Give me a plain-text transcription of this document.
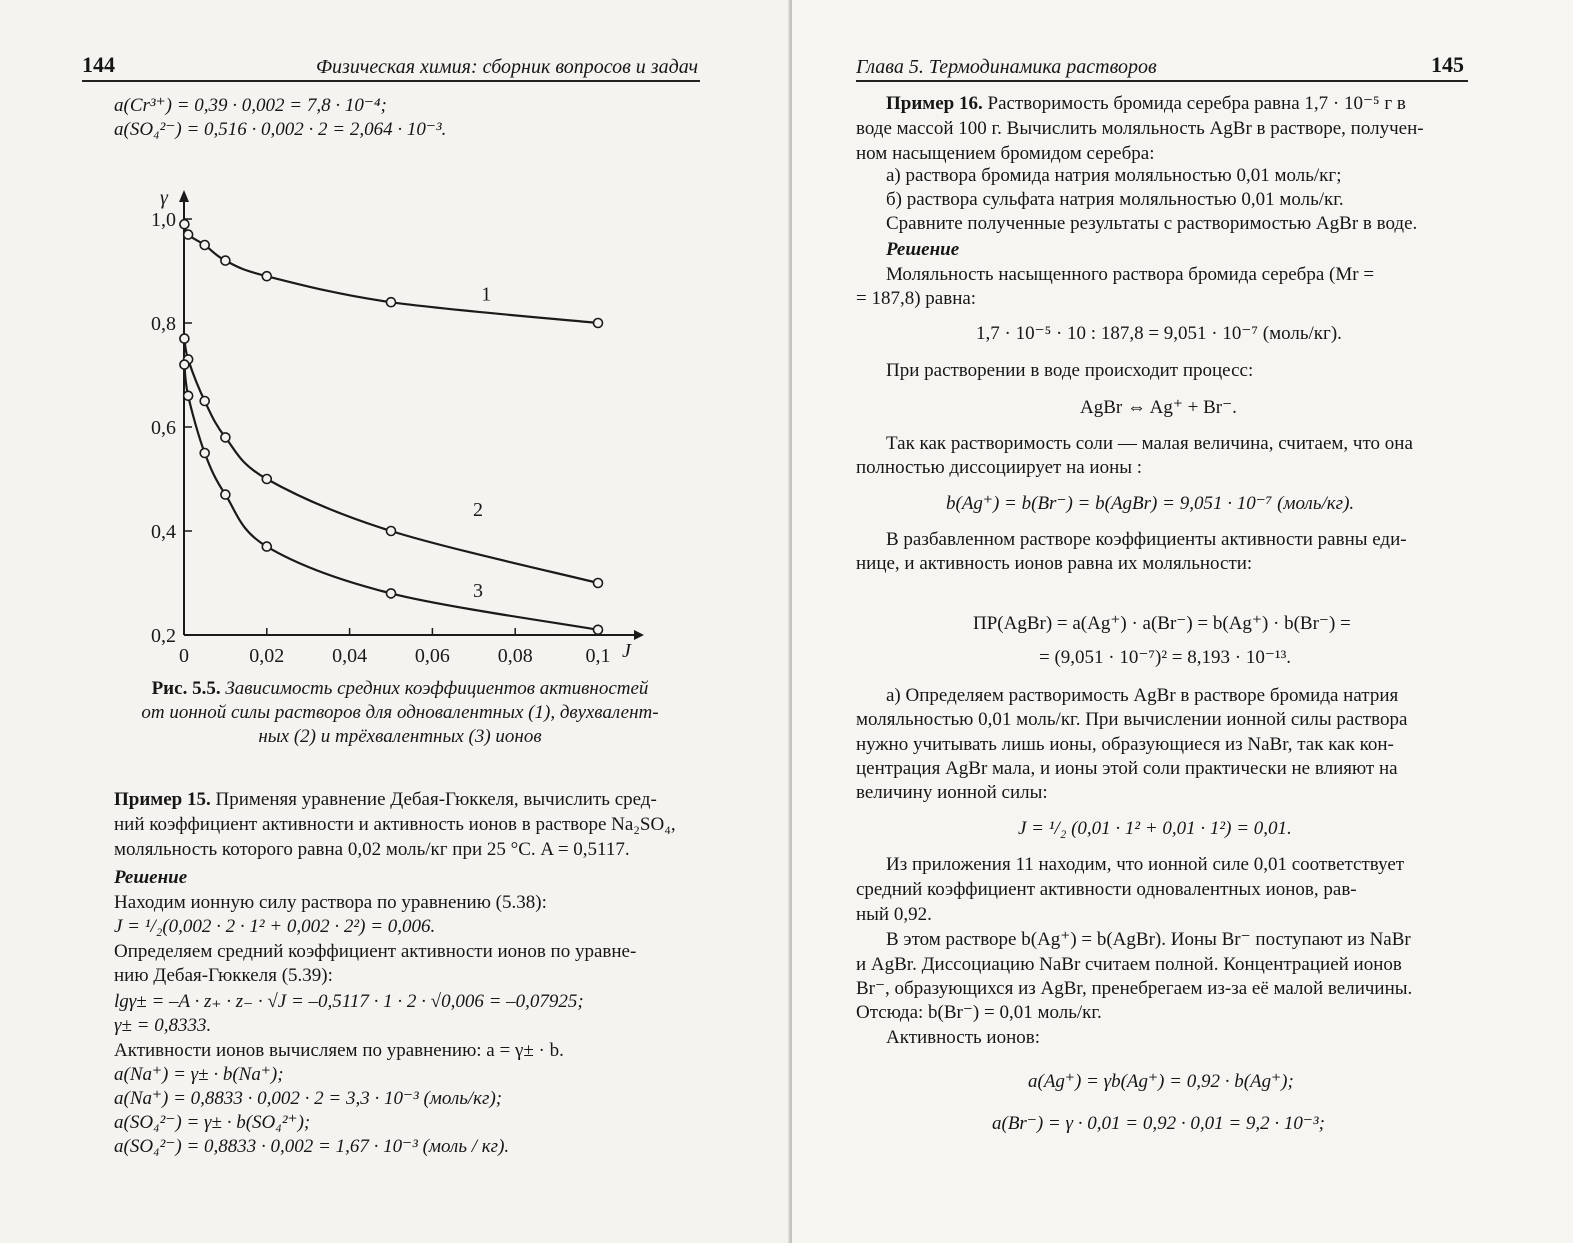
144	Физическая химия: сборник вопросов и задач
a(Cr³⁺) = 0,39 · 0,002 = 7,8 · 10⁻⁴;
a(SO₄²⁻) = 0,516 · 0,002 · 2 = 2,064 · 10⁻³.
J
γ
1,0
0,8
0,6
0,4
0,2
0	0,02 0,04 0,06 0,08	0,1
1
2
3
Рис. 5.5. Зависимость средних коэффициентов активностей
от ионной силы растворов для одновалентных (1), двухвалент-
ных (2) и трёхвалентных (3) ионов
Пример 15. Применяя уравнение Дебая-Гюккеля, вычислить сред-
ний коэффициент активности и активность ионов в растворе Na₂SO₄,
моляльность которого равна 0,02 моль/кг при 25 °С. A = 0,5117.
Решение
Находим ионную силу раствора по уравнению (5.38):
J = ¹/₂(0,002 · 2 · 1² + 0,002 · 2²) = 0,006.
Определяем средний коэффициент активности ионов по уравне-
нию Дебая-Гюккеля (5.39):
lgγ± = –A · z₊ · z₋ · √J = –0,5117 · 1 · 2 · √0,006 = –0,07925;
γ± = 0,8333.
Активности ионов вычисляем по уравнению: a = γ± · b.
a(Na⁺) = γ± · b(Na⁺);
a(Na⁺) = 0,8833 · 0,002 · 2 = 3,3 · 10⁻³ (моль/кг);
a(SO₄²⁻) = γ± · b(SO₄²⁺);
a(SO₄²⁻) = 0,8833 · 0,002 = 1,67 · 10⁻³ (моль / кг).
Глава 5. Термодинамика растворов	145
Пример 16. Растворимость бромида серебра равна 1,7 · 10⁻⁵ г в
воде массой 100 г. Вычислить моляльность AgBr в растворе, получен-
ном насыщением бромидом серебра:
а) раствора бромида натрия моляльностью 0,01 моль/кг;
б) раствора сульфата натрия моляльностью 0,01 моль/кг.
Сравните полученные результаты с растворимостью AgBr в воде.
Решение
Моляльность насыщенного раствора бромида серебра (Mr =
= 187,8) равна:
1,7 · 10⁻⁵ · 10 : 187,8 = 9,051 · 10⁻⁷ (моль/кг).
При растворении в воде происходит процесс:
AgBr ⇔ Ag⁺ + Br⁻.
Так как растворимость соли — малая величина, считаем, что она
полностью диссоциирует на ионы :
b(Ag⁺) = b(Br⁻) = b(AgBr) = 9,051 · 10⁻⁷ (моль/кг).
В разбавленном растворе коэффициенты активности равны еди-
нице, и активность ионов равна их моляльности:
ПР(AgBr) = a(Ag⁺) · a(Br⁻) = b(Ag⁺) · b(Br⁻) =
= (9,051 · 10⁻⁷)² = 8,193 · 10⁻¹³.
а) Определяем растворимость AgBr в растворе бромида натрия
моляльностью 0,01 моль/кг. При вычислении ионной силы раствора
нужно учитывать лишь ионы, образующиеся из NaBr, так как кон-
центрация AgBr мала, и ионы этой соли практически не влияют на
величину ионной силы:
J = ¹/₂ (0,01 · 1² + 0,01 · 1²) = 0,01.
Из приложения 11 находим, что ионной силе 0,01 соответствует
средний коэффициент активности одновалентных ионов, рав-
ный 0,92.
В этом растворе b(Ag⁺) = b(AgBr). Ионы Br⁻ поступают из NaBr
и AgBr. Диссоциацию NaBr считаем полной. Концентрацией ионов
Br⁻, образующихся из AgBr, пренебрегаем из-за её малой величины.
Отсюда: b(Br⁻) = 0,01 моль/кг.
Активность ионов:
a(Ag⁺) = γb(Ag⁺) = 0,92 · b(Ag⁺);
a(Br⁻) = γ · 0,01 = 0,92 · 0,01 = 9,2 · 10⁻³;
